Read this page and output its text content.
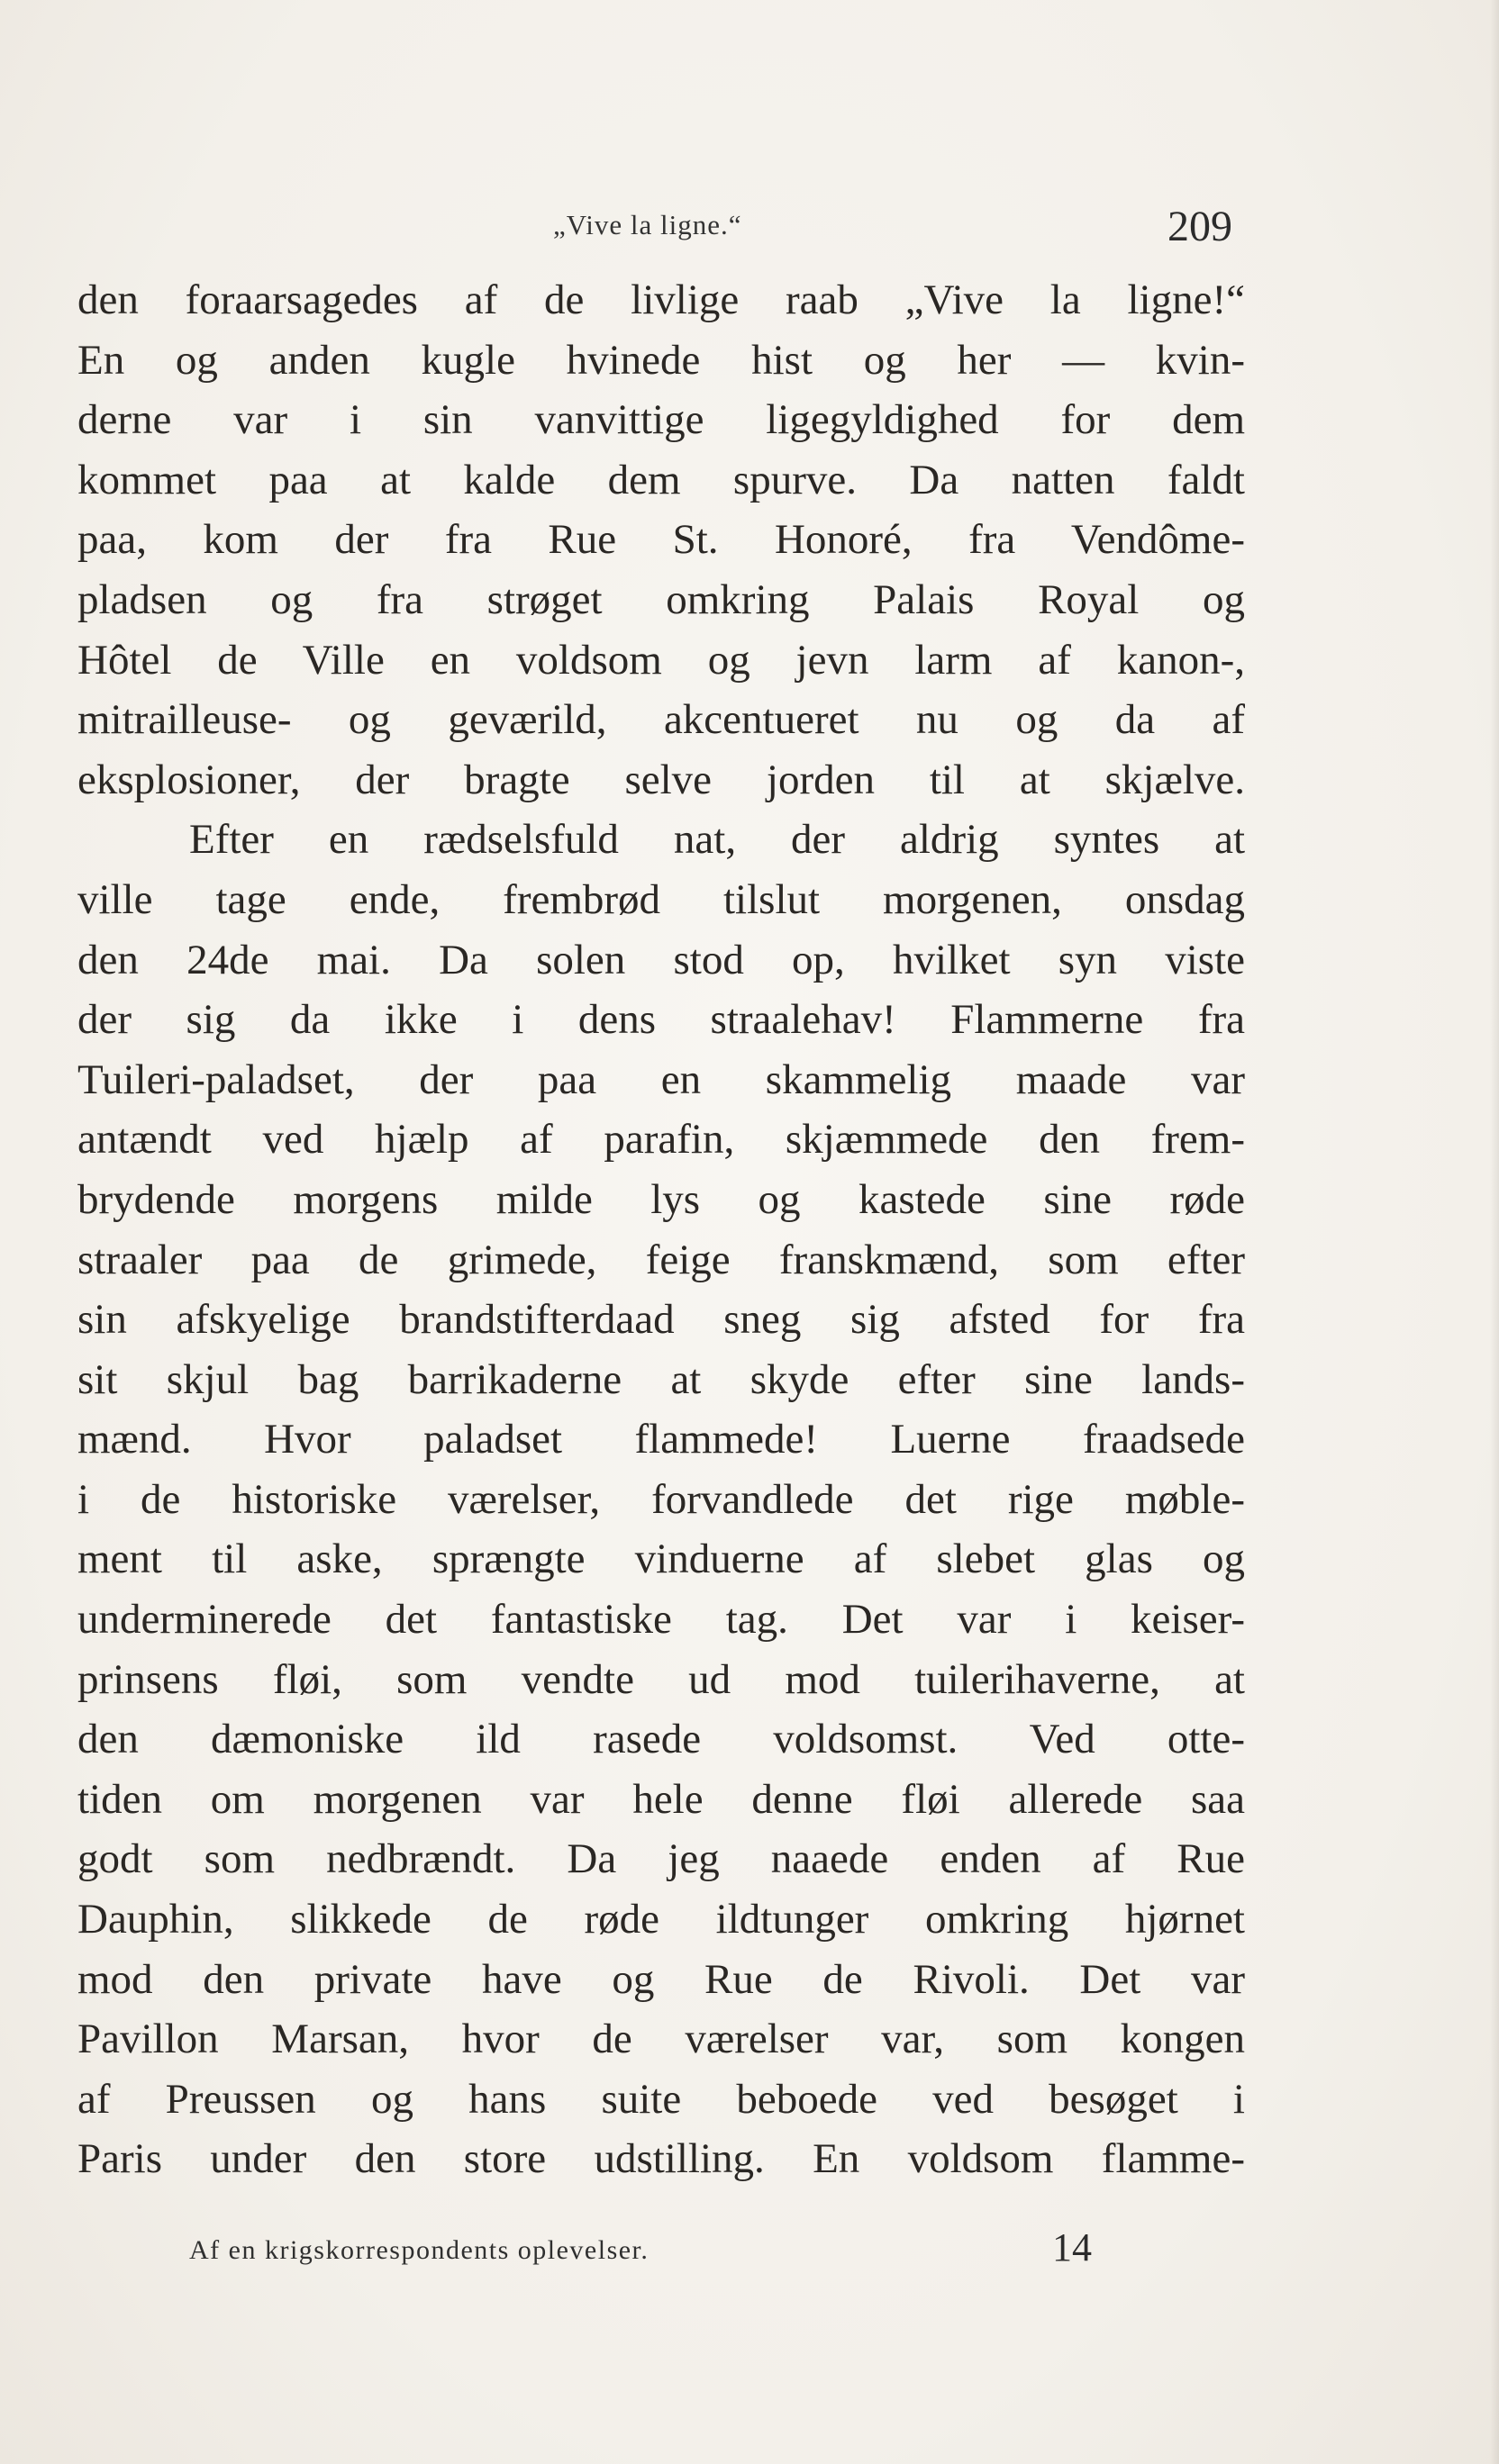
„Vive la ligne.“	209
den foraarsagedes af de livlige raab „Vive la ligne!“
En og anden kugle hvinede hist og her — kvin-
derne var i sin vanvittige ligegyldighed for dem
kommet paa at kalde dem spurve. Da natten faldt
paa, kom der fra Rue St. Honoré, fra Vendôme-
pladsen og fra strøget omkring Palais Royal og
Hôtel de Ville en voldsom og jevn larm af kanon-,
mitrailleuse- og geværild, akcentueret nu og da af
eksplosioner, der bragte selve jorden til at skjælve.
Efter en rædselsfuld nat, der aldrig syntes at
ville tage ende, frembrød tilslut morgenen, onsdag
den 24de mai. Da solen stod op, hvilket syn viste
der sig da ikke i dens straalehav! Flammerne fra
Tuileri-paladset, der paa en skammelig maade var
antændt ved hjælp af parafin, skjæmmede den frem-
brydende morgens milde lys og kastede sine røde
straaler paa de grimede, feige franskmænd, som efter
sin afskyelige brandstifterdaad sneg sig afsted for fra
sit skjul bag barrikaderne at skyde efter sine lands-
mænd. Hvor paladset flammede! Luerne fraadsede
i de historiske værelser, forvandlede det rige møble-
ment til aske, sprængte vinduerne af slebet glas og
underminerede det fantastiske tag. Det var i keiser-
prinsens fløi, som vendte ud mod tuilerihaverne, at
den dæmoniske ild rasede voldsomst. Ved otte-
tiden om morgenen var hele denne fløi allerede saa
godt som nedbrændt. Da jeg naaede enden af Rue
Dauphin, slikkede de røde ildtunger omkring hjørnet
mod den private have og Rue de Rivoli. Det var
Pavillon Marsan, hvor de værelser var, som kongen
af Preussen og hans suite beboede ved besøget i
Paris under den store udstilling. En voldsom flamme-
Af en krigskorrespondents oplevelser.	14
